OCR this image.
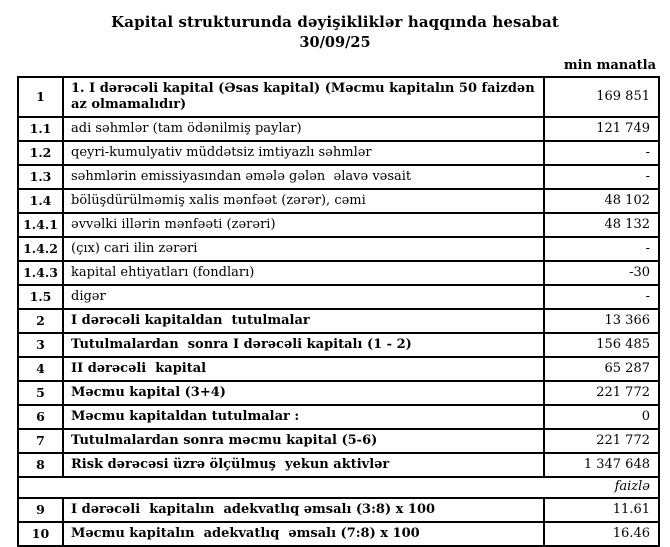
Kapital strukturunda dəyişikliklər haqqında hesabat
30/09/25
min manatla
1	1. I dərəcəli kapital (Əsas kapital) (Məcmu kapitalın 50 faizdən  az olmamalıdır)	169 851
1.1	adi səhmlər (tam ödənilmiş paylar)	121 749
1.2	qeyri-kumulyativ müddətsiz imtiyazlı səhmlər	-
1.3	səhmlərin emissiyasından əmələ gələn  əlavə vəsait	-
1.4	bölüşdürülməmiş xalis mənfəət (zərər), cəmi	48 102
1.4.1	əvvəlki illərin mənfəəti (zərəri)	48 132
1.4.2	(çıx) cari ilin zərəri	-
1.4.3	kapital ehtiyatları (fondları)	-30
1.5	digər	-
2	I dərəcəli kapitaldan  tutulmalar	13 366
3	Tutulmalardan  sonra I dərəcəli kapitalı (1 - 2)	156 485
4	II dərəcəli  kapital	65 287
5	Məcmu kapital (3+4)	221 772
6	Məcmu kapitaldan tutulmalar :	0
7	Tutulmalardan sonra məcmu kapital (5-6)	221 772
8	Risk dərəcəsi üzrə ölçülmuş  yekun aktivlər	1 347 648
faizlə		
9	I dərəcəli  kapitalın  adekvatlıq əmsalı (3:8) x 100	11.61
10	Məcmu kapitalın  adekvatlıq  əmsalı (7:8) x 100	16.46
